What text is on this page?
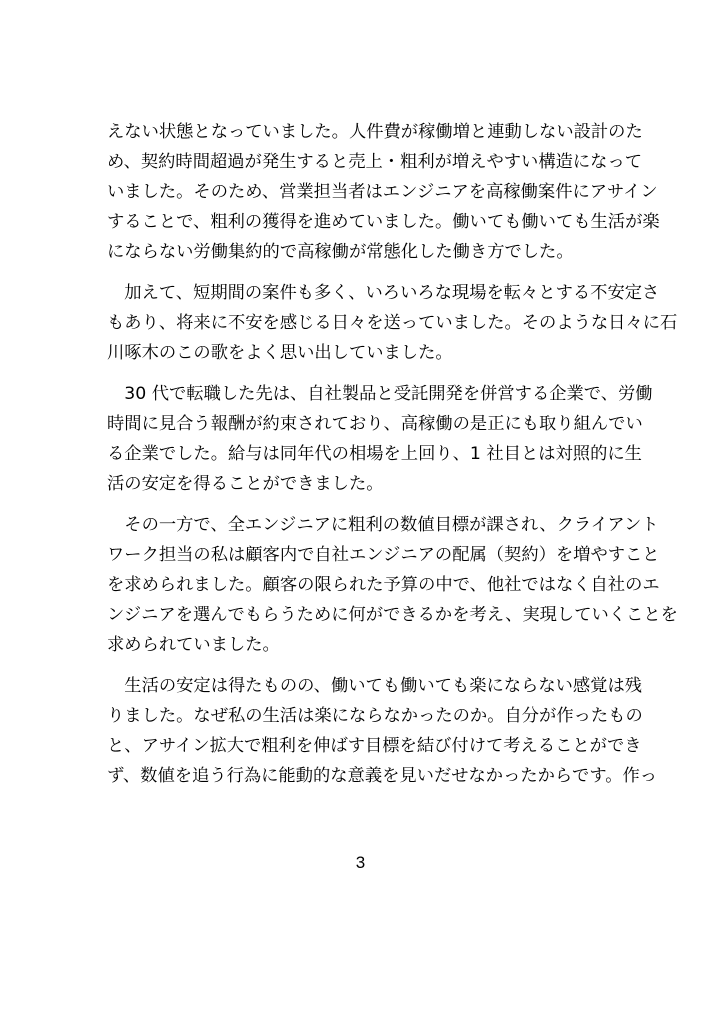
えない状態となっていました。人件費が稼働増と連動しない設計のた
め、契約時間超過が発生すると売上・粗利が増えやすい構造になって
いました。そのため、営業担当者はエンジニアを高稼働案件にアサイン
することで、粗利の獲得を進めていました。働いても働いても生活が楽
にならない労働集約的で高稼働が常態化した働き方でした。
　加えて、短期間の案件も多く、いろいろな現場を転々とする不安定さ
もあり、将来に不安を感じる日々を送っていました。そのような日々に石
川啄木のこの歌をよく思い出していました。
　30 代で転職した先は、自社製品と受託開発を併営する企業で、労働
時間に見合う報酬が約束されており、高稼働の是正にも取り組んでい
る企業でした。給与は同年代の相場を上回り、1 社目とは対照的に生
活の安定を得ることができました。
　その一方で、全エンジニアに粗利の数値目標が課され、クライアント
ワーク担当の私は顧客内で自社エンジニアの配属（契約）を増やすこと
を求められました。顧客の限られた予算の中で、他社ではなく自社のエ
ンジニアを選んでもらうために何ができるかを考え、実現していくことを
求められていました。
　生活の安定は得たものの、働いても働いても楽にならない感覚は残
りました。なぜ私の生活は楽にならなかったのか。自分が作ったもの
と、アサイン拡大で粗利を伸ばす目標を結び付けて考えることができ
ず、数値を追う行為に能動的な意義を見いだせなかったからです。作っ
3
